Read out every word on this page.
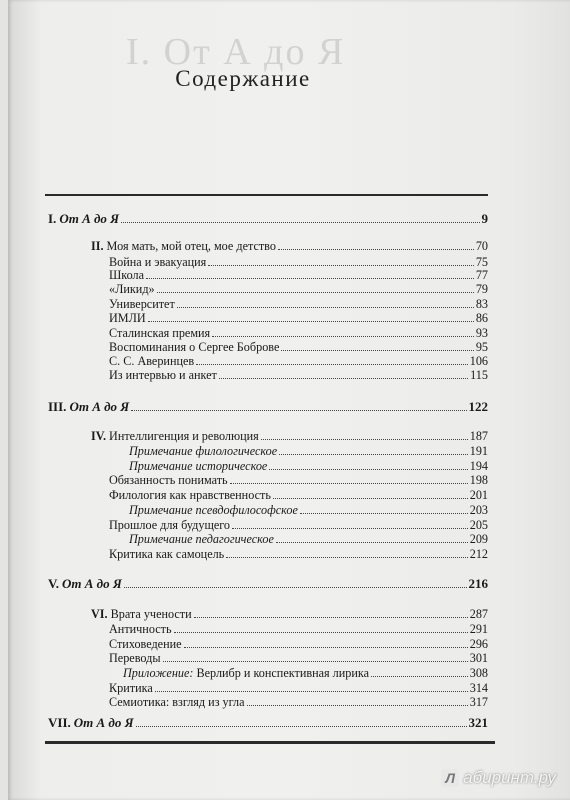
I. От А до Я
Содержание
I. От А до Я	9
II. Моя мать, мой отец, мое детство	70
Война и эвакуация	75
Школа	77
«Ликид»	79
Университет	83
ИМЛИ	86
Сталинская премия	93
Воспоминания о Сергее Боброве	95
С. С. Аверинцев	106
Из интервью и анкет	115
III. От А до Я	122
IV. Интеллигенция и революция	187
Примечание филологическое	191
Примечание историческое	194
Обязанность понимать	198
Филология как нравственность	201
Примечание псевдофилософское	203
Прошлое для будущего	205
Примечание педагогическое	209
Критика как самоцель	212
V. От А до Я	216
VI. Врата учености	287
Античность	291
Стиховедение	296
Переводы	301
Приложение: Верлибр и конспективная лирика	308
Критика	314
Семиотика: взгляд из угла	317
VII. От А до Я	321
Л абиринт.ру
